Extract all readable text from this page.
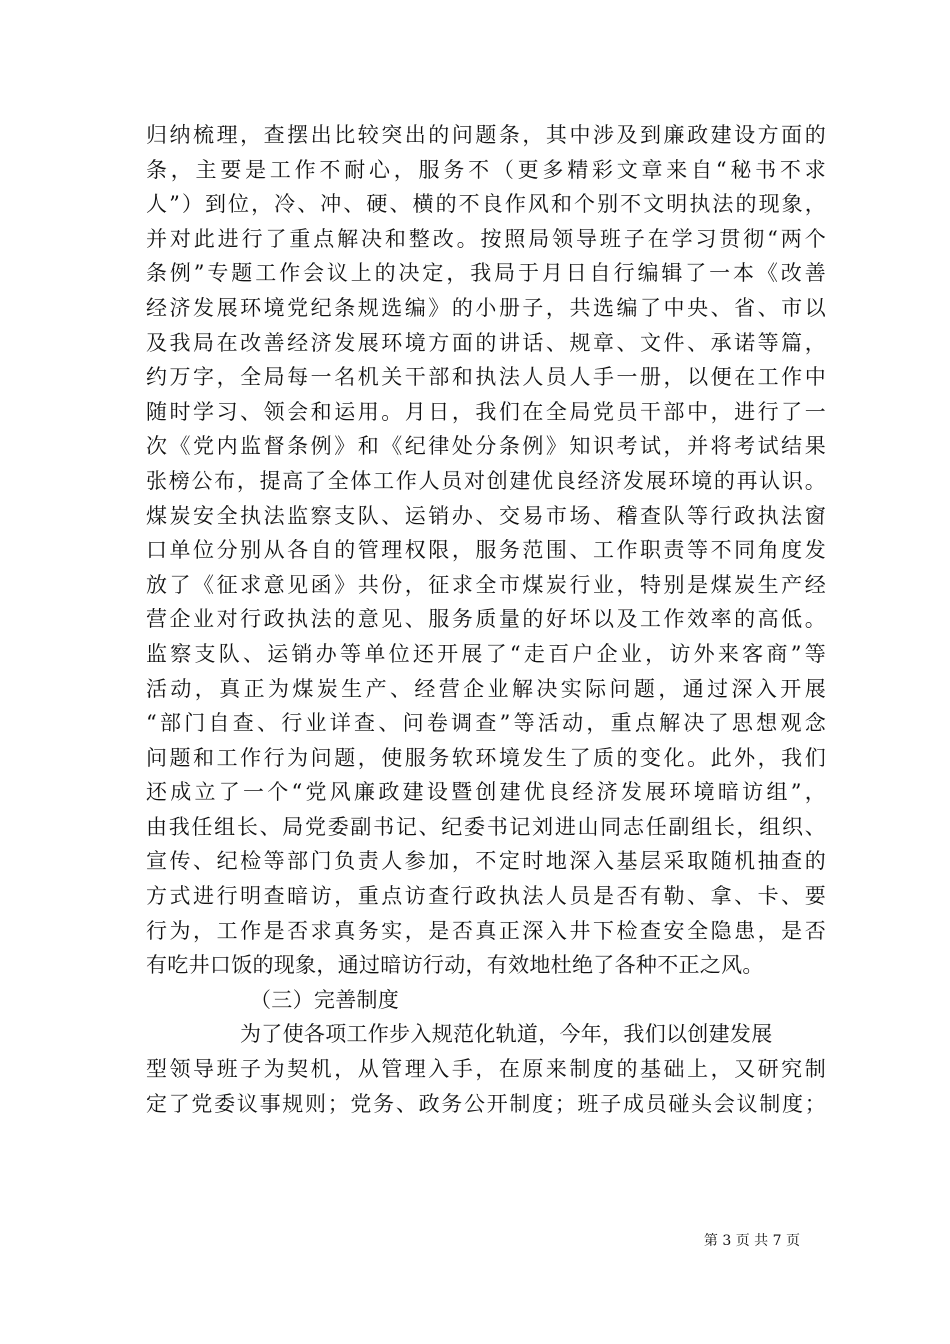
归纳梳理，查摆出比较突出的问题条，其中涉及到廉政建设方面的
条，主要是工作不耐心，服务不（更多精彩文章来自“秘书不求
人”）到位，冷、冲、硬、横的不良作风和个别不文明执法的现象，
并对此进行了重点解决和整改。按照局领导班子在学习贯彻“两个
条例”专题工作会议上的决定，我局于月日自行编辑了一本《改善
经济发展环境党纪条规选编》的小册子，共选编了中央、省、市以
及我局在改善经济发展环境方面的讲话、规章、文件、承诺等篇，
约万字，全局每一名机关干部和执法人员人手一册，以便在工作中
随时学习、领会和运用。月日，我们在全局党员干部中，进行了一
次《党内监督条例》和《纪律处分条例》知识考试，并将考试结果
张榜公布，提高了全体工作人员对创建优良经济发展环境的再认识。
煤炭安全执法监察支队、运销办、交易市场、稽查队等行政执法窗
口单位分别从各自的管理权限，服务范围、工作职责等不同角度发
放了《征求意见函》共份，征求全市煤炭行业，特别是煤炭生产经
营企业对行政执法的意见、服务质量的好坏以及工作效率的高低。
监察支队、运销办等单位还开展了“走百户企业，访外来客商”等
活动，真正为煤炭生产、经营企业解决实际问题，通过深入开展
“部门自查、行业详查、问卷调查”等活动，重点解决了思想观念
问题和工作行为问题，使服务软环境发生了质的变化。此外，我们
还成立了一个“党风廉政建设暨创建优良经济发展环境暗访组”，
由我任组长、局党委副书记、纪委书记刘进山同志任副组长，组织、
宣传、纪检等部门负责人参加，不定时地深入基层采取随机抽查的
方式进行明查暗访，重点访查行政执法人员是否有勒、拿、卡、要
行为，工作是否求真务实，是否真正深入井下检查安全隐患，是否
有吃井口饭的现象，通过暗访行动，有效地杜绝了各种不正之风。
（三）完善制度
为了使各项工作步入规范化轨道，今年，我们以创建发展
型领导班子为契机，从管理入手，在原来制度的基础上，又研究制
定了党委议事规则；党务、政务公开制度；班子成员碰头会议制度；
第 3 页 共 7 页
